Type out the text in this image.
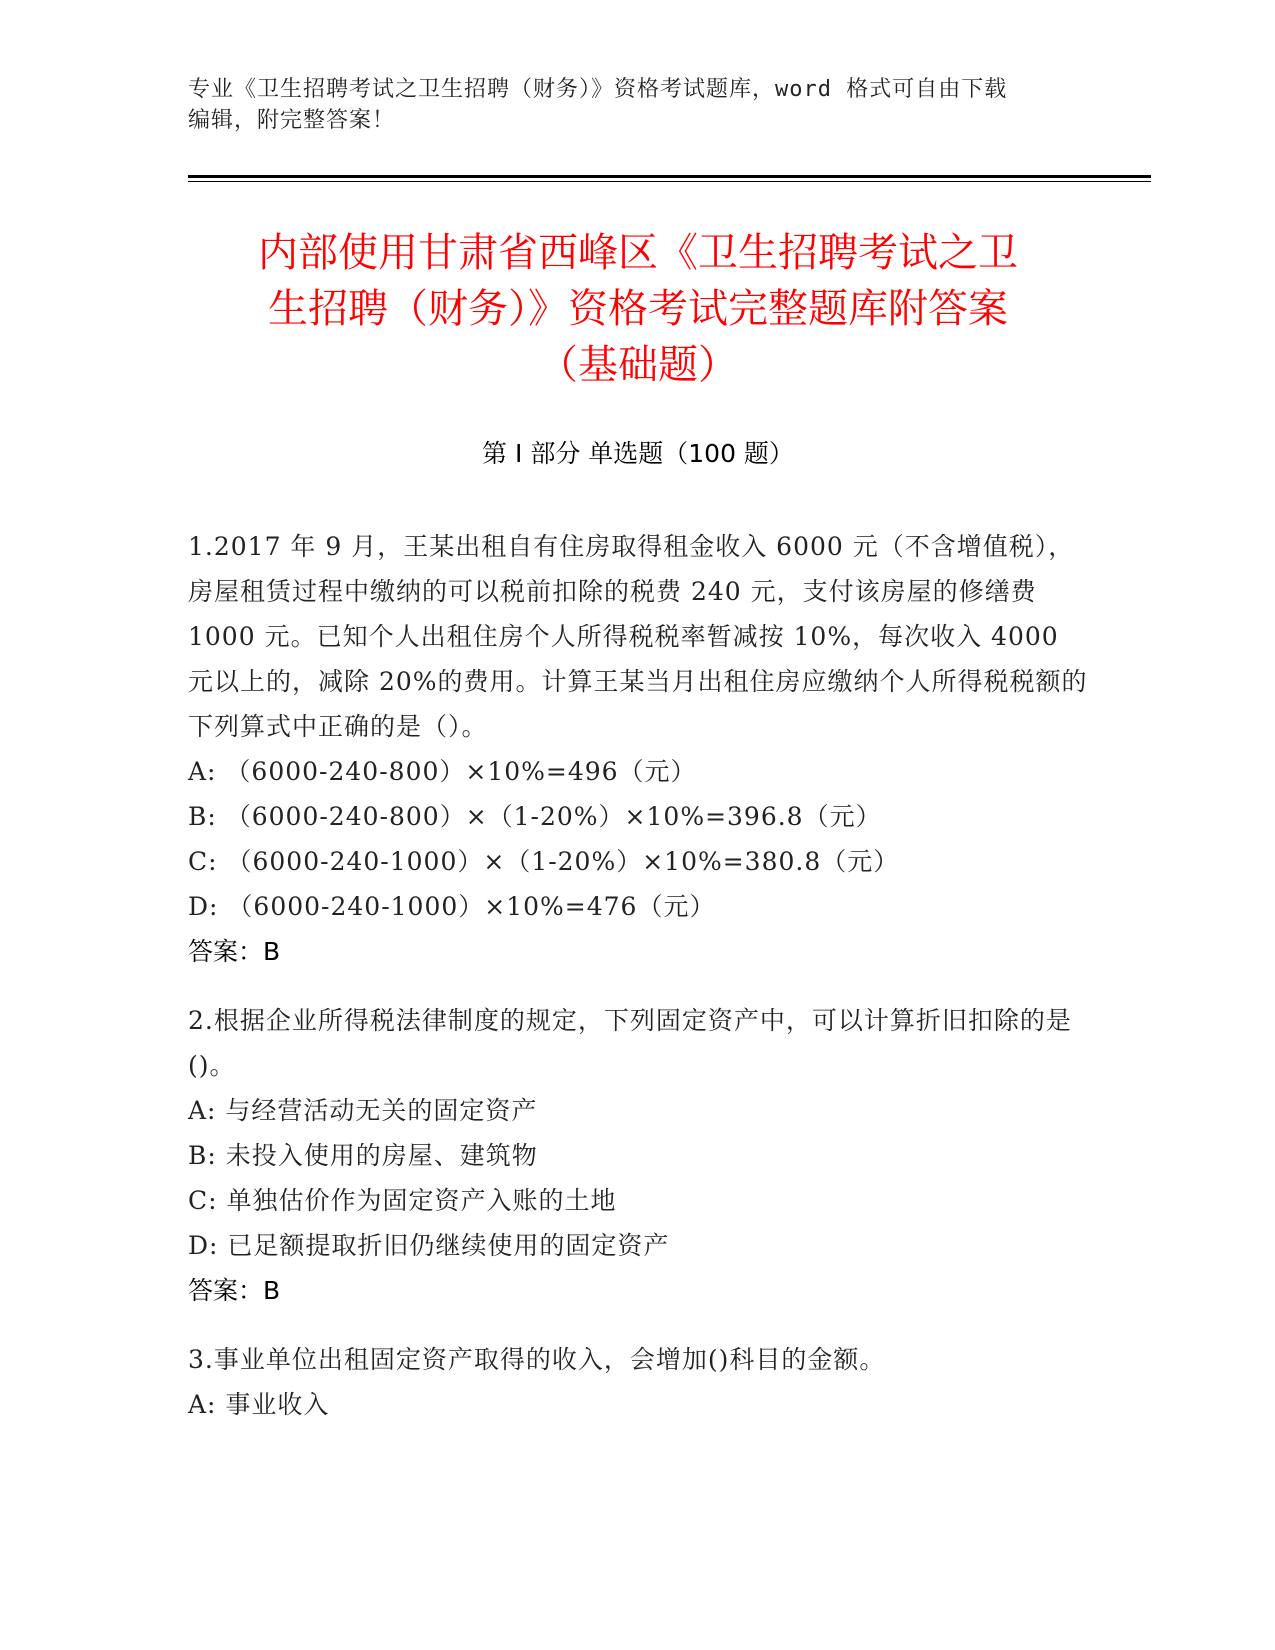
专业《卫生招聘考试之卫生招聘（财务）》资格考试题库，word 格式可自由下载
编辑，附完整答案！
内部使用甘肃省西峰区《卫生招聘考试之卫
生招聘（财务）》资格考试完整题库附答案
（基础题）
第 I 部分 单选题（100 题）
1.2017 年 9 月，王某出租自有住房取得租金收入 6000 元（不含增值税），房屋租赁过程中缴纳的可以税前扣除的税费 240 元，支付该房屋的修缮费 1000 元。已知个人出租住房个人所得税税率暂减按 10%，每次收入 4000 元以上的，减除 20%的费用。计算王某当月出租住房应缴纳个人所得税税额的下列算式中正确的是（）。
A: （6000-240-800）×10%=496（元）
B: （6000-240-800）×（1-20%）×10%=396.8（元）
C: （6000-240-1000）×（1-20%）×10%=380.8（元）
D: （6000-240-1000）×10%=476（元）
答案：B
2.根据企业所得税法律制度的规定，下列固定资产中，可以计算折旧扣除的是()。
A: 与经营活动无关的固定资产
B: 未投入使用的房屋、建筑物
C: 单独估价作为固定资产入账的土地
D: 已足额提取折旧仍继续使用的固定资产
答案：B
3.事业单位出租固定资产取得的收入，会增加()科目的金额。
A: 事业收入
